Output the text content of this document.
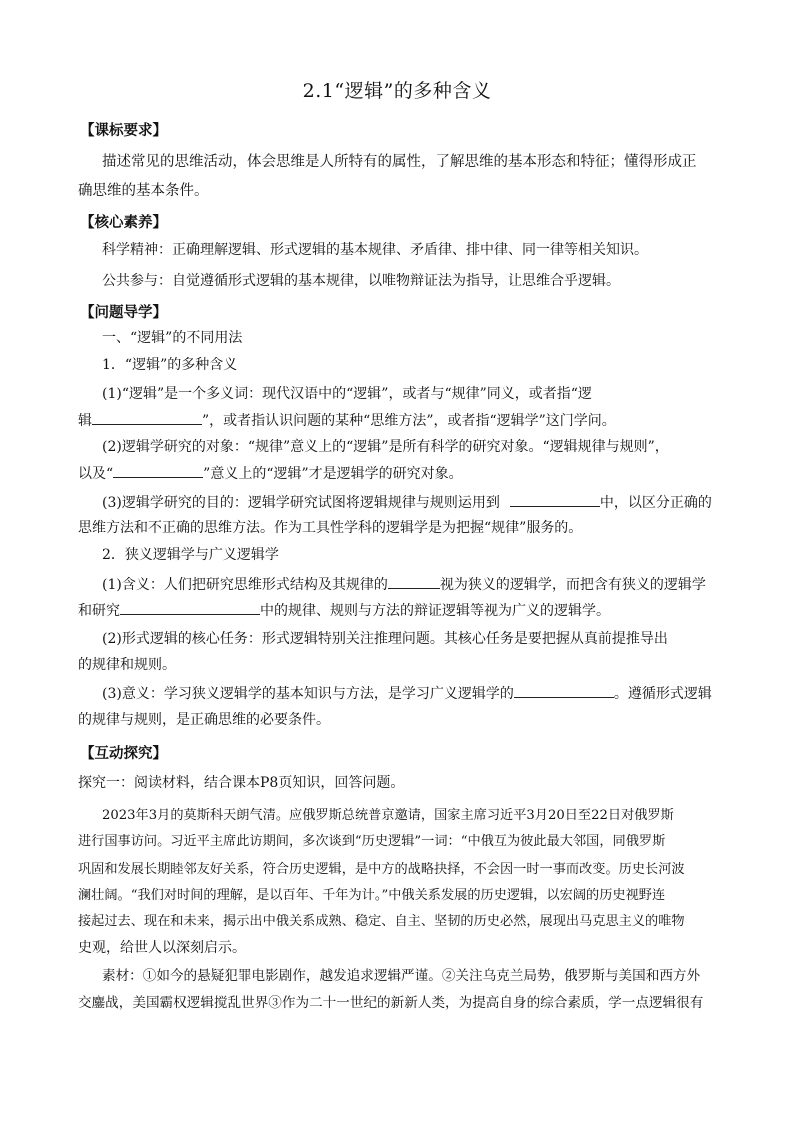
2.1“逻辑”的多种含义
【课标要求】
描述常见的思维活动，体会思维是人所特有的属性，了解思维的基本形态和特征；懂得形成正
确思维的基本条件。
【核心素养】
科学精神：正确理解逻辑、形式逻辑的基本规律、矛盾律、排中律、同一律等相关知识。
公共参与：自觉遵循形式逻辑的基本规律，以唯物辩证法为指导，让思维合乎逻辑。
【问题导学】
一、“逻辑”的不同用法
1．“逻辑”的多种含义
(1)“逻辑”是一个多义词：现代汉语中的“逻辑”，或者与“规律”同义，或者指“逻
辑	”，或者指认识问题的某种“思维方法”，或者指“逻辑学”这门学问。
(2)逻辑学研究的对象：“规律”意义上的“逻辑”是所有科学的研究对象。“逻辑规律与规则”，
以及“	”意义上的“逻辑”才是逻辑学的研究对象。
(3)逻辑学研究的目的：逻辑学研究试图将逻辑规律与规则运用到	中，以区分正确的
思维方法和不正确的思维方法。作为工具性学科的逻辑学是为把握“规律”服务的。
2．狭义逻辑学与广义逻辑学
(1)含义：人们把研究思维形式结构及其规律的	视为狭义的逻辑学，而把含有狭义的逻辑学
和研究	中的规律、规则与方法的辩证逻辑等视为广义的逻辑学。
(2)形式逻辑的核心任务：形式逻辑特别关注推理问题。其核心任务是要把握从真前提推导出
的规律和规则。
(3)意义：学习狭义逻辑学的基本知识与方法，是学习广义逻辑学的	。遵循形式逻辑
的规律与规则，是正确思维的必要条件。
【互动探究】
探究一：阅读材料，结合课本P8页知识，回答问题。
2023年3月的莫斯科天朗气清。应俄罗斯总统普京邀请，国家主席习近平3月20日至22日对俄罗斯
进行国事访问。习近平主席此访期间，多次谈到“历史逻辑”一词：“中俄互为彼此最大邻国，同俄罗斯
巩固和发展长期睦邻友好关系，符合历史逻辑，是中方的战略抉择，不会因一时一事而改变。历史长河波
澜壮阔。“我们对时间的理解，是以百年、千年为计。”中俄关系发展的历史逻辑，以宏阔的历史视野连
接起过去、现在和未来，揭示出中俄关系成熟、稳定、自主、坚韧的历史必然，展现出马克思主义的唯物
史观，给世人以深刻启示。
素材：①如今的悬疑犯罪电影剧作，越发追求逻辑严谨。②关注乌克兰局势，俄罗斯与美国和西方外
交鏖战，美国霸权逻辑搅乱世界③作为二十一世纪的新新人类，为提高自身的综合素质，学一点逻辑很有
